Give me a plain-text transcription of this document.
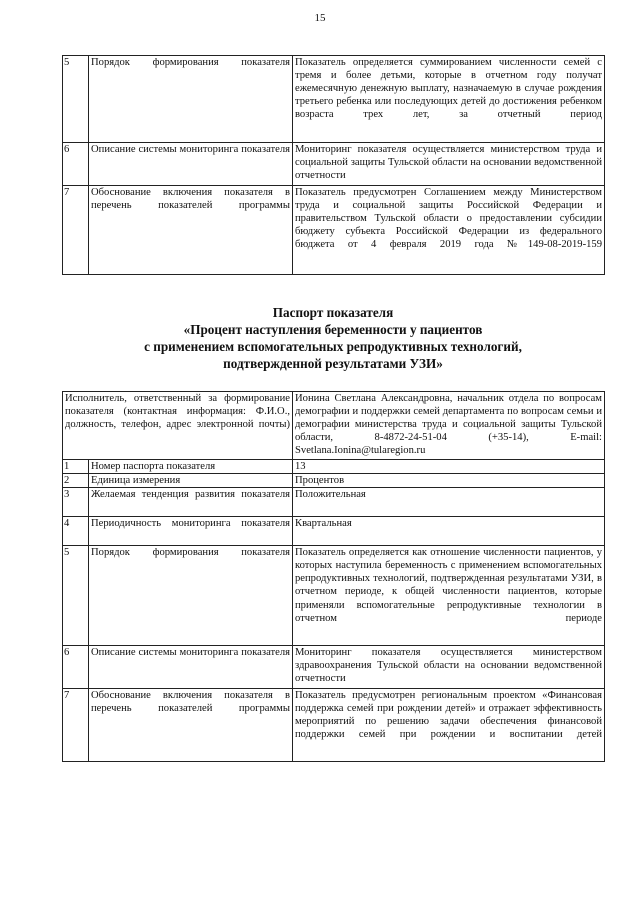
15
5	Порядок формирования показателя	Показатель определяется суммированием численности семей с тремя и более детьми, которые в отчетном году получат ежемесячную денежную выплату, назначаемую в случае рождения третьего ребенка или последующих детей до достижения ребенком возраста трех лет, за отчетный период
6	Описание системы мониторинга показателя	Мониторинг показателя осуществляется министерством труда и социальной защиты Тульской области на основании ведомственной отчетности
7	Обоснование включения показателя в перечень показателей программы	Показатель предусмотрен Соглашением между Министерством труда и социальной защиты Российской Федерации и правительством Тульской области о предоставлении субсидии бюджету субъекта Российской Федерации из федерального бюджета от 4 февраля 2019 года №149-08-2019-159
Паспорт показателя
«Процент наступления беременности у пациентов
с применением вспомогательных репродуктивных технологий,
подтвержденной результатами УЗИ»
Исполнитель, ответственный за формирование показателя (контактная информация: Ф.И.О., должность, телефон, адрес электронной почты)		Ионина Светлана Александровна, начальник отдела по вопросам демографии и поддержки семей департамента по вопросам семьи и демографии министерства труда и социальной защиты Тульской области, 8-4872-24-51-04 (+35-14), E-mail: Svetlana.Ionina@tularegion.ru
1	Номер паспорта показателя	13
2	Единица измерения	Процентов
3	Желаемая тенденция развития показателя	Положительная
4	Периодичность мониторинга показателя	Квартальная
5	Порядок формирования показателя	Показатель определяется как отношение численности пациентов, у которых наступила беременность с применением вспомогательных репродуктивных технологий, подтвержденная результатами УЗИ, в отчетном периоде, к общей численности пациентов, которые применяли вспомогательные репродуктивные технологии в отчетном периоде
6	Описание системы мониторинга показателя	Мониторинг показателя осуществляется министерством здравоохранения Тульской области на основании ведомственной отчетности
7	Обоснование включения показателя в перечень показателей программы	Показатель предусмотрен региональным проектом «Финансовая поддержка семей при рождении детей» и отражает эффективность мероприятий по решению задачи обеспечения финансовой поддержки семей при рождении и воспитании детей
